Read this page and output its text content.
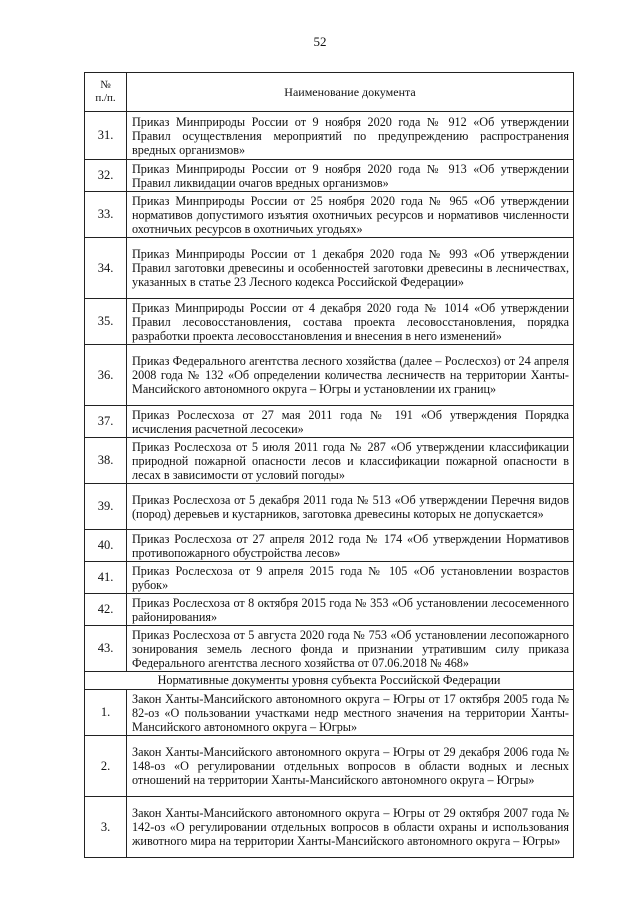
52
№
п./п.	Наименование документа
31.	Приказ Минприроды России от 9 ноября 2020 года № 912 «Об утверждении Правил осуществления мероприятий по предупреждению распространения вредных организмов»
32.	Приказ Минприроды России от 9 ноября 2020 года № 913 «Об утверждении Правил ликвидации очагов вредных организмов»
33.	Приказ Минприроды России от 25 ноября 2020 года № 965 «Об утверждении нормативов допустимого изъятия охотничьих ресурсов и нормативов численности охотничьих ресурсов в охотничьих угодьях»
34.	Приказ Минприроды России от 1 декабря 2020 года № 993 «Об утверждении Правил заготовки древесины и особенностей заготовки древесины в лесничествах, указанных в статье 23 Лесного кодекса Российской Федерации»
35.	Приказ Минприроды России от 4 декабря 2020 года № 1014 «Об утверждении Правил лесовосстановления, состава проекта лесовосстановления, порядка разработки проекта лесовосстановления и внесения в него изменений»
36.	Приказ Федерального агентства лесного хозяйства (далее – Рослесхоз) от 24 апреля 2008 года № 132 «Об определении количества лесничеств на территории Ханты-Мансийского автономного округа – Югры и установлении их границ»
37.	Приказ Рослесхоза от 27 мая 2011 года № 191 «Об утверждения Порядка исчисления расчетной лесосеки»
38.	Приказ Рослесхоза от 5 июля 2011 года № 287 «Об утверждении классификации природной пожарной опасности лесов и классификации пожарной опасности в лесах в зависимости от условий погоды»
39.	Приказ Рослесхоза от 5 декабря 2011 года № 513 «Об утверждении Перечня видов (пород) деревьев и кустарников, заготовка древесины которых не допускается»
40.	Приказ Рослесхоза от 27 апреля 2012 года № 174 «Об утверждении Нормативов противопожарного обустройства лесов»
41.	Приказ Рослесхоза от 9 апреля 2015 года № 105 «Об установлении возрастов рубок»
42.	Приказ Рослесхоза от 8 октября 2015 года № 353 «Об установлении лесосеменного районирования»
43.	Приказ Рослесхоза от 5 августа 2020 года № 753 «Об установлении лесопожарного зонирования земель лесного фонда и признании утратившим силу приказа Федерального агентства лесного хозяйства от 07.06.2018 № 468»
Нормативные документы уровня субъекта Российской Федерации	
1.	Закон Ханты-Мансийского автономного округа – Югры от 17 октября 2005 года № 82-оз «О пользовании участками недр местного значения на территории Ханты-Мансийского автономного округа – Югры»
2.	Закон Ханты-Мансийского автономного округа – Югры от 29 декабря 2006 года № 148-оз «О регулировании отдельных вопросов в области водных и лесных отношений на территории Ханты-Мансийского автономного округа – Югры»
3.	Закон Ханты-Мансийского автономного округа – Югры от 29 октября 2007 года № 142-оз «О регулировании отдельных вопросов в области охраны и использования животного мира на территории Ханты-Мансийского автономного округа – Югры»
